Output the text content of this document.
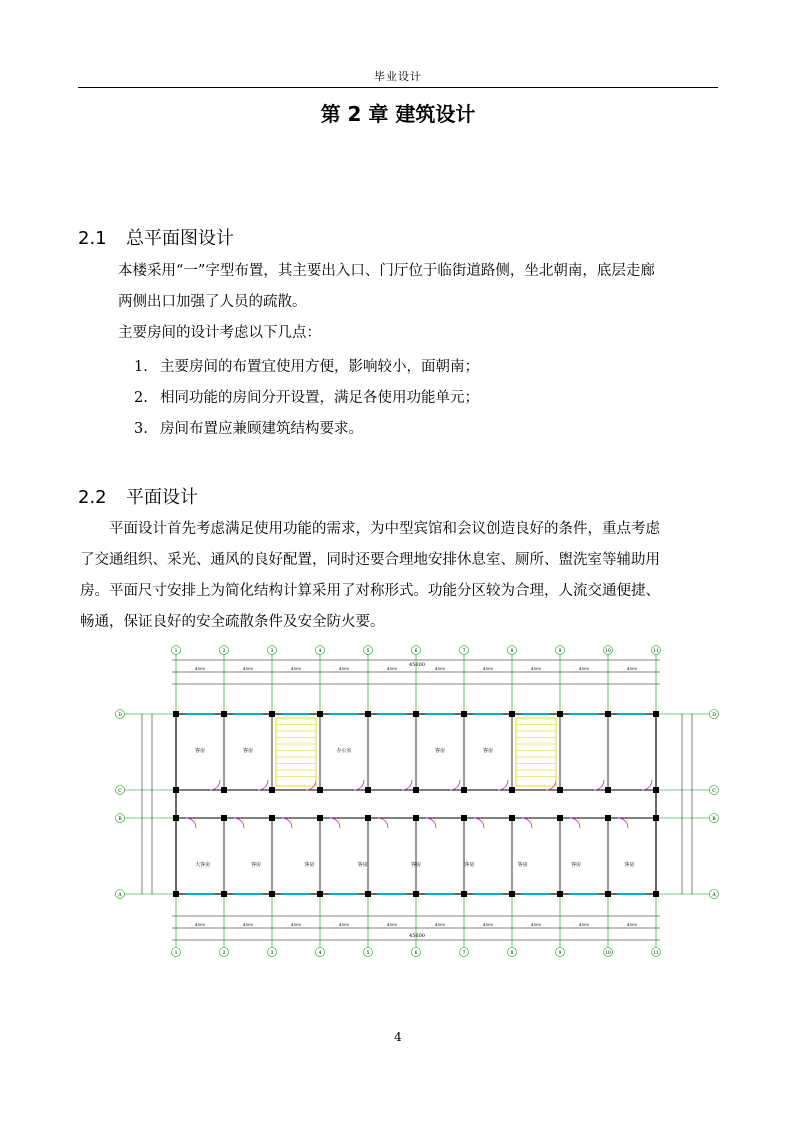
毕业设计
第 2 章 建筑设计
2.1 总平面图设计
本楼采用“一”字型布置，其主要出入口、门厅位于临街道路侧，坐北朝南，底层走廊
两侧出口加强了人员的疏散。
主要房间的设计考虑以下几点：
1. 主要房间的布置宜使用方便，影响较小，面朝南；
2. 相同功能的房间分开设置，满足各使用功能单元；
3. 房间布置应兼顾建筑结构要求。
2.2 平面设计
　　平面设计首先考虑满足使用功能的需求，为中型宾馆和会议创造良好的条件，重点考虑
了交通组织、采光、通风的良好配置，同时还要合理地安排休息室、厕所、盥洗室等辅助用
房。平面尺寸安排上为简化结构计算采用了对称形式。功能分区较为合理，人流交通便捷、
畅通，保证良好的安全疏散条件及安全防火要。
1
1
4500
4500
2
2
4500
4500
3
3
4500
4500
4
4
4500
4500
5
5
4500
4500
6
6
4500
4500
7
7
4500
4500
8
8
4500
4500
9
9
4500
4500
10
10
4500
4500
11
11
D	D
C	C
B	B
A	A
客房	客房	办公室	客房	客房
大客房	客房	客房	客房	客房	客房	客房	客房	客房
45600
45600
4
